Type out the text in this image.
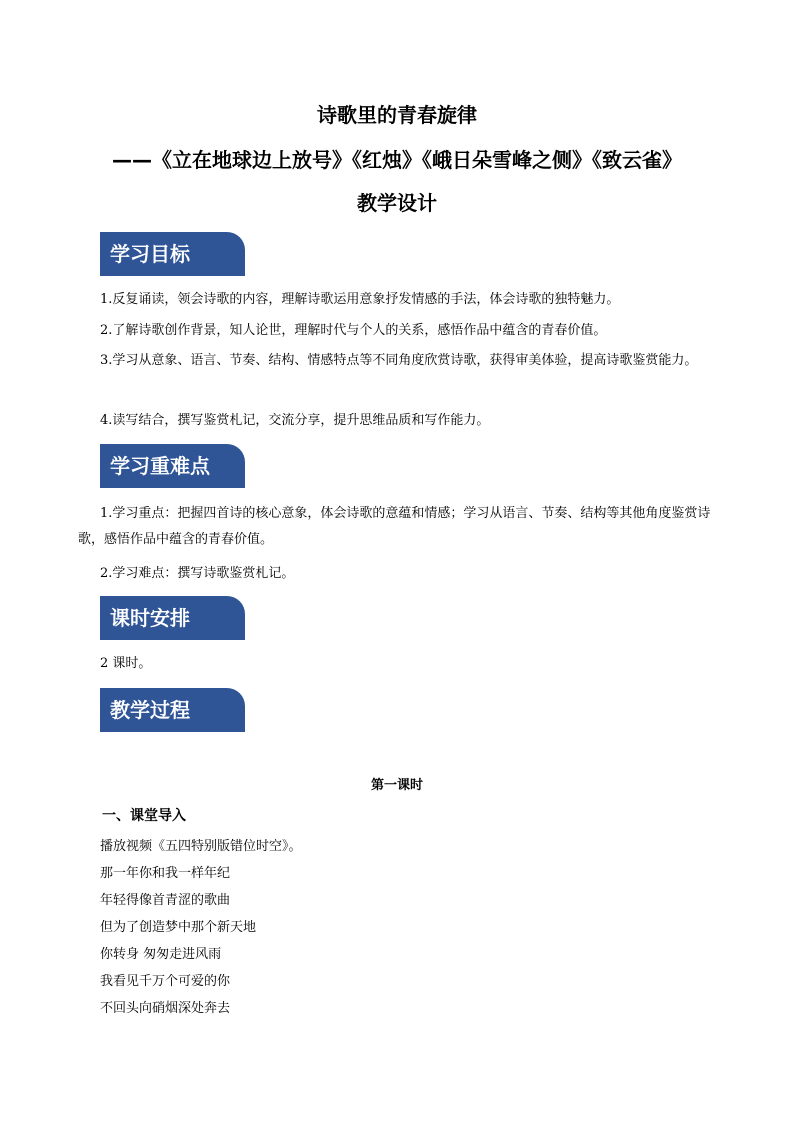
诗歌里的青春旋律
——《立在地球边上放号》《红烛》《峨日朵雪峰之侧》《致云雀》
教学设计
学习目标
1.反复诵读，领会诗歌的内容，理解诗歌运用意象抒发情感的手法，体会诗歌的独特魅力。
2.了解诗歌创作背景，知人论世，理解时代与个人的关系，感悟作品中蕴含的青春价值。
3.学习从意象、语言、节奏、结构、情感特点等不同角度欣赏诗歌，获得审美体验，提高诗歌鉴赏能力。
4.读写结合，撰写鉴赏札记，交流分享，提升思维品质和写作能力。
学习重难点
1.学习重点：把握四首诗的核心意象，体会诗歌的意蕴和情感；学习从语言、节奏、结构等其他角度鉴赏诗歌，感悟作品中蕴含的青春价值。
2.学习难点：撰写诗歌鉴赏札记。
课时安排
2 课时。
教学过程
第一课时
一、课堂导入
播放视频《五四特别版错位时空》。
那一年你和我一样年纪
年轻得像首青涩的歌曲
但为了创造梦中那个新天地
你转身 匆匆走进风雨
我看见千万个可爱的你
不回头向硝烟深处奔去
